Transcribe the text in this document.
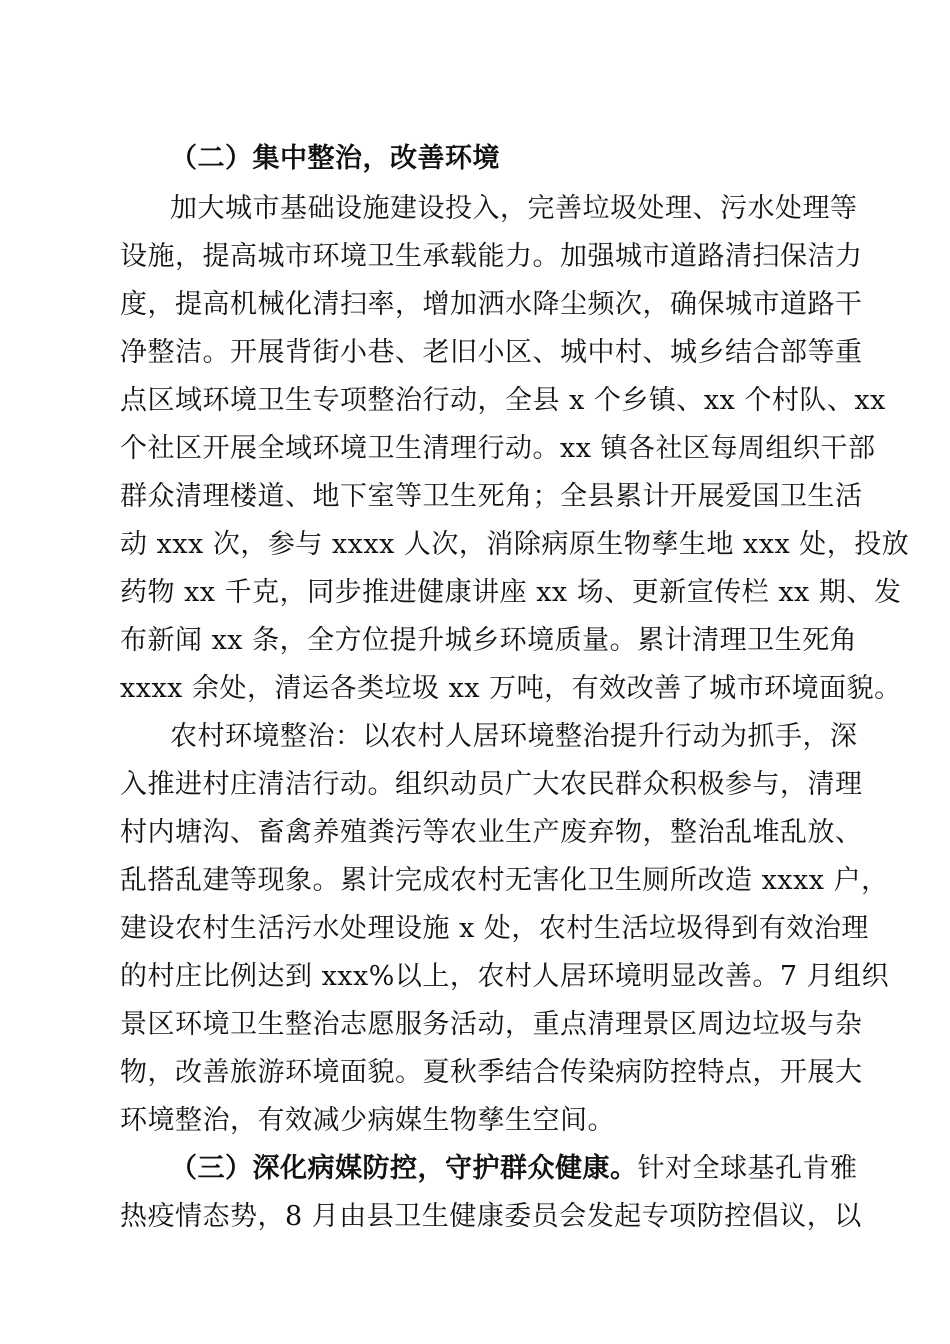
（二）集中整治，改善环境
加大城市基础设施建设投入，完善垃圾处理、污水处理等
设施，提高城市环境卫生承载能力。加强城市道路清扫保洁力
度，提高机械化清扫率，增加洒水降尘频次，确保城市道路干
净整洁。开展背街小巷、老旧小区、城中村、城乡结合部等重
点区域环境卫生专项整治行动，全县 x 个乡镇、xx 个村队、xx
个社区开展全域环境卫生清理行动。xx 镇各社区每周组织干部
群众清理楼道、地下室等卫生死角；全县累计开展爱国卫生活
动 xxx 次，参与 xxxx 人次，消除病原生物孳生地 xxx 处，投放
药物 xx 千克，同步推进健康讲座 xx 场、更新宣传栏 xx 期、发
布新闻 xx 条，全方位提升城乡环境质量。累计清理卫生死角
xxxx 余处，清运各类垃圾 xx 万吨，有效改善了城市环境面貌。
农村环境整治：以农村人居环境整治提升行动为抓手，深
入推进村庄清洁行动。组织动员广大农民群众积极参与，清理
村内塘沟、畜禽养殖粪污等农业生产废弃物，整治乱堆乱放、
乱搭乱建等现象。累计完成农村无害化卫生厕所改造 xxxx 户，
建设农村生活污水处理设施 x 处，农村生活垃圾得到有效治理
的村庄比例达到 xxx%以上，农村人居环境明显改善。7 月组织
景区环境卫生整治志愿服务活动，重点清理景区周边垃圾与杂
物，改善旅游环境面貌。夏秋季结合传染病防控特点，开展大
环境整治，有效减少病媒生物孳生空间。
（三）深化病媒防控，守护群众健康。针对全球基孔肯雅
热疫情态势，8 月由县卫生健康委员会发起专项防控倡议，以
